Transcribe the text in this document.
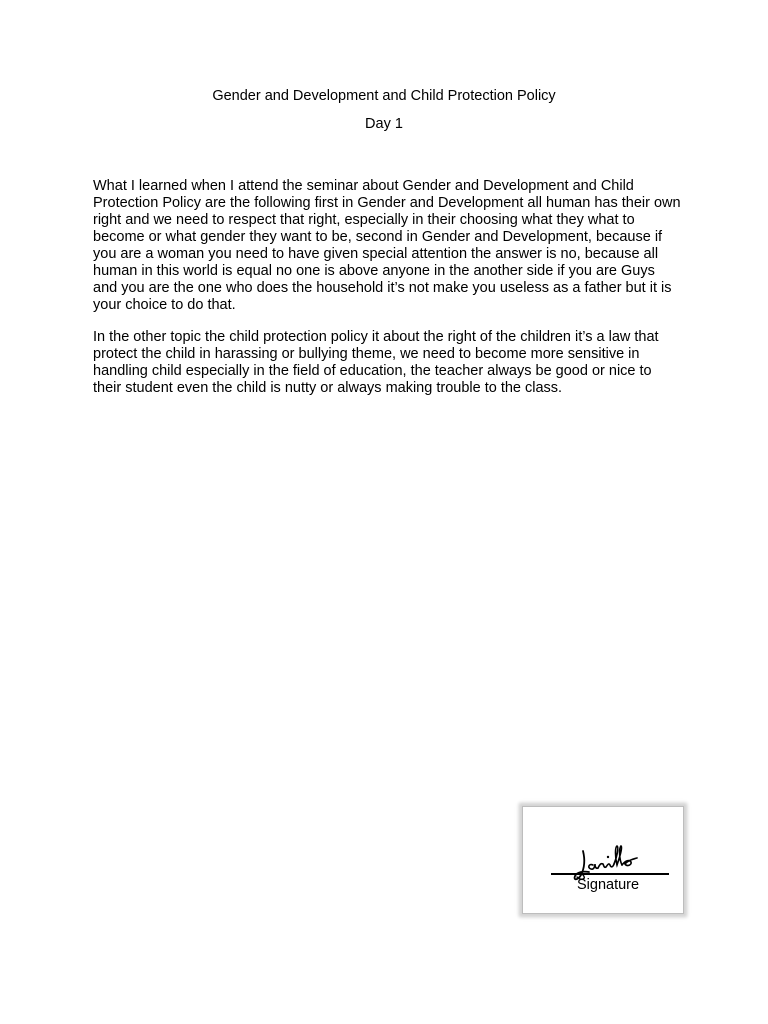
Gender and Development and Child Protection Policy
Day 1

What I learned when I attend the seminar about Gender and Development and Child Protection Policy are the following first in Gender and Development all human has their own right and we need to respect that right, especially in their choosing what they what to become or what gender they want to be, second in Gender and Development, because if you are a woman you need to have given special attention the answer is no, because all human in this world is equal no one is above anyone in the another side if you are Guys and you are the one who does the household it’s not make you useless as a father but it is your choice to do that.

In the other topic the child protection policy it about the right of the children it’s a law that protect the child in harassing or bullying theme, we need to become more sensitive in handling child especially in the field of education, the teacher always be good or nice to their student even the child is nutty or always making trouble to the class.

Signature
